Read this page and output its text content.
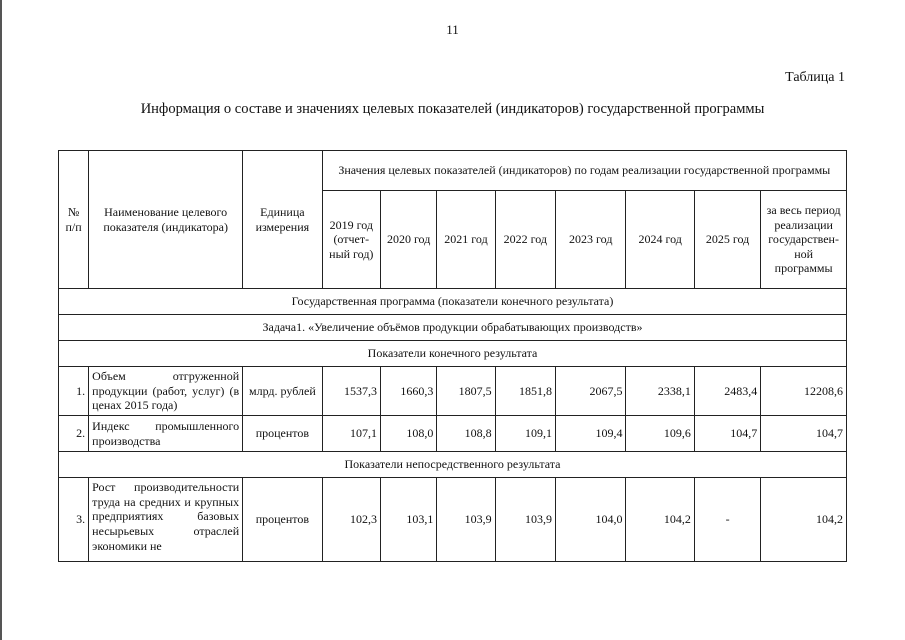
11
Таблица 1
Информация о составе и значениях целевых показателей (индикаторов) государственной программы
№ п/п	Наименование целевого показателя (индикатора)	Единица измерения	Значения целевых показателей (индикаторов) по годам реализации государственной программы							
			2019 год (отчет-ный год)	2020 год	2021 год	2022 год	2023 год	2024 год	2025 год	за весь период реализации государствен-ной программы
Государственная программа (показатели конечного результата)										
Задача1. «Увеличение объёмов продукции обрабатывающих производств»										
Показатели конечного результата										
1.	Объем отгруженной продукции (работ, услуг) (в ценах 2015 года)	млрд. рублей	1537,3	1660,3	1807,5	1851,8	2067,5	2338,1	2483,4	12208,6
2.	Индекс промышленного производства	процентов	107,1	108,0	108,8	109,1	109,4	109,6	104,7	104,7
Показатели непосредственного результата										
3.	Рост производительности труда на средних и крупных предприятиях базовых несырьевых отраслей экономики не	процентов	102,3	103,1	103,9	103,9	104,0	104,2	-	104,2
